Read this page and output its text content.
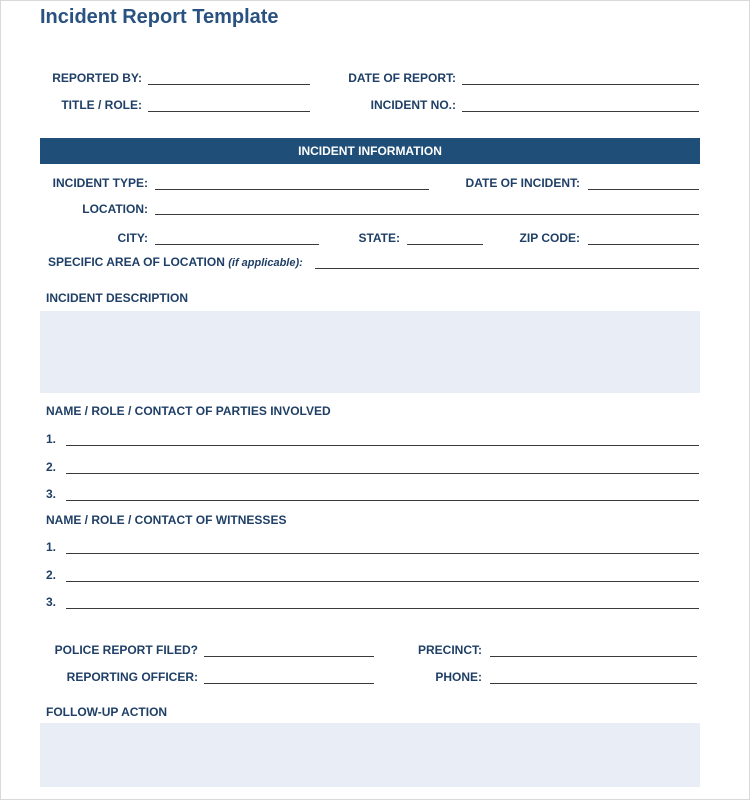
Incident Report Template
REPORTED BY:	DATE OF REPORT:
TITLE / ROLE:	INCIDENT NO.:
INCIDENT INFORMATION
INCIDENT TYPE:	DATE OF INCIDENT:
LOCATION:
CITY:	STATE:	ZIP CODE:
SPECIFIC AREA OF LOCATION (if applicable):
INCIDENT DESCRIPTION
NAME / ROLE / CONTACT OF PARTIES INVOLVED
1.
2.
3.
NAME / ROLE / CONTACT OF WITNESSES
1.
2.
3.
POLICE REPORT FILED?	PRECINCT:
REPORTING OFFICER:	PHONE:
FOLLOW-UP ACTION
